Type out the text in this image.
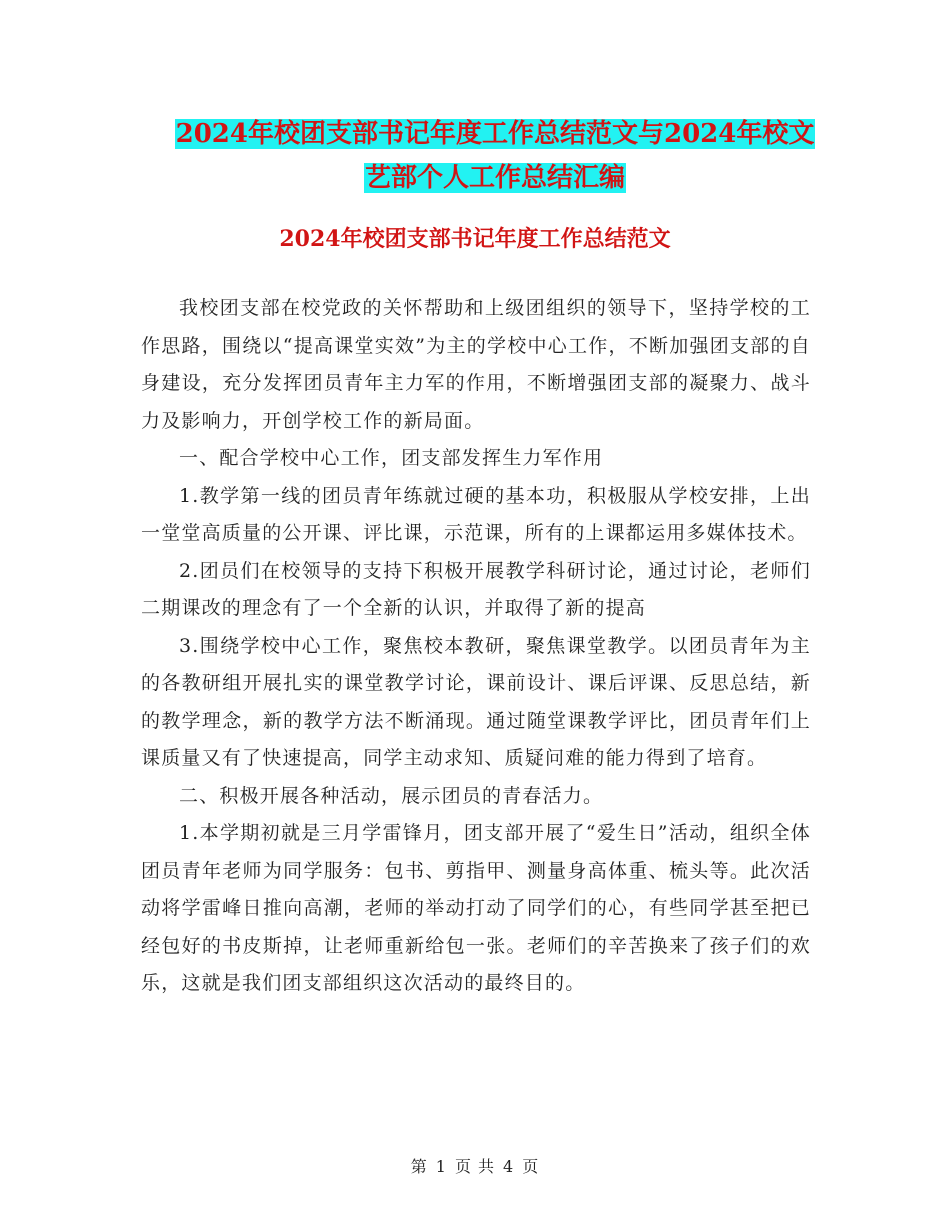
2024年校团支部书记年度工作总结范文与2024年校文
艺部个人工作总结汇编
2024年校团支部书记年度工作总结范文

我校团支部在校党政的关怀帮助和上级团组织的领导下，坚持学校的工作思路，围绕以“提高课堂实效”为主的学校中心工作，不断加强团支部的自身建设，充分发挥团员青年主力军的作用，不断增强团支部的凝聚力、战斗力及影响力，开创学校工作的新局面。

一、配合学校中心工作，团支部发挥生力军作用

1.教学第一线的团员青年练就过硬的基本功，积极服从学校安排，上出一堂堂高质量的公开课、评比课，示范课，所有的上课都运用多媒体技术。

2.团员们在校领导的支持下积极开展教学科研讨论，通过讨论，老师们二期课改的理念有了一个全新的认识，并取得了新的提高

3.围绕学校中心工作，聚焦校本教研，聚焦课堂教学。以团员青年为主的各教研组开展扎实的课堂教学讨论，课前设计、课后评课、反思总结，新的教学理念，新的教学方法不断涌现。通过随堂课教学评比，团员青年们上课质量又有了快速提高，同学主动求知、质疑问难的能力得到了培育。

二、积极开展各种活动，展示团员的青春活力。

1.本学期初就是三月学雷锋月，团支部开展了“爱生日”活动，组织全体团员青年老师为同学服务：包书、剪指甲、测量身高体重、梳头等。此次活动将学雷峰日推向高潮，老师的举动打动了同学们的心，有些同学甚至把已经包好的书皮斯掉，让老师重新给包一张。老师们的辛苦换来了孩子们的欢乐，这就是我们团支部组织这次活动的最终目的。

第 1 页 共 4 页
